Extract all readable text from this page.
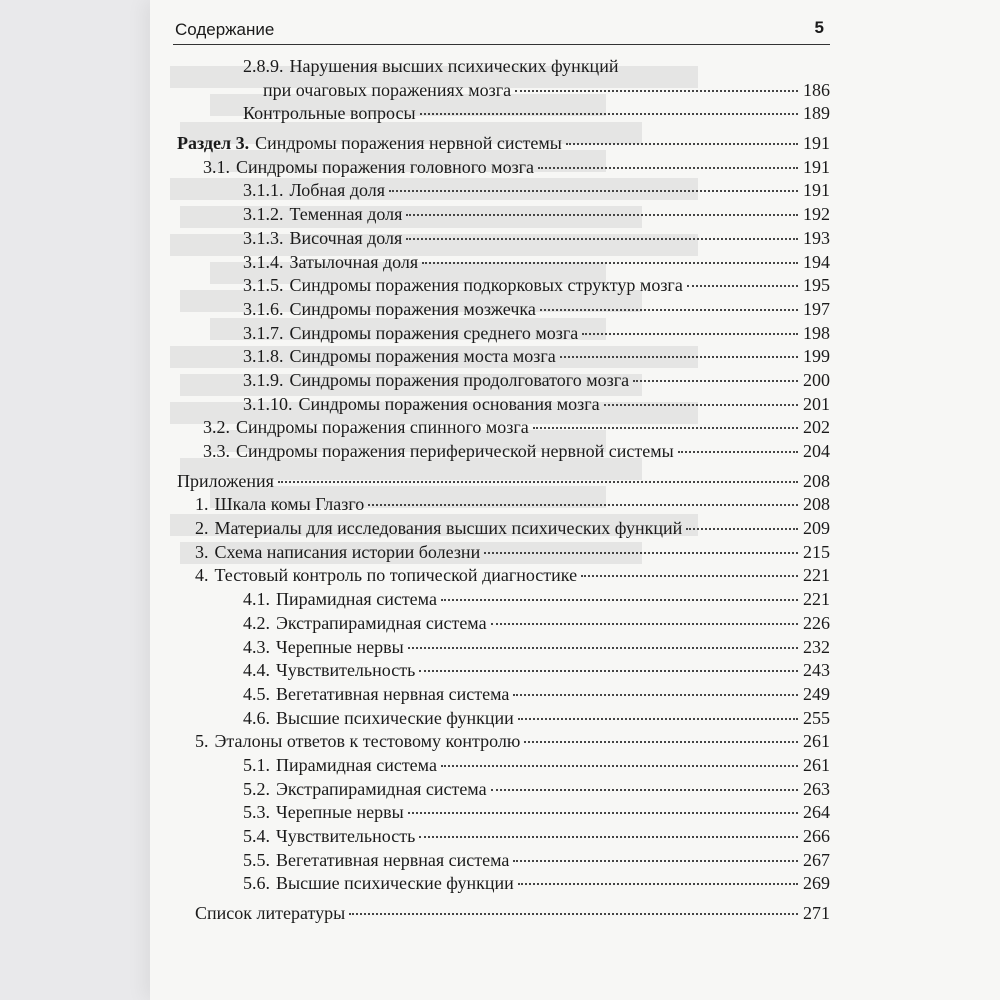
Содержание	5
2.8.9. Нарушения высших психических функций
при очаговых поражениях мозга	186
Контрольные вопросы	189
Раздел 3. Синдромы поражения нервной системы	191
3.1. Синдромы поражения головного мозга	191
3.1.1. Лобная доля	191
3.1.2. Теменная доля	192
3.1.3. Височная доля	193
3.1.4. Затылочная доля	194
3.1.5. Синдромы поражения подкорковых структур мозга	195
3.1.6. Синдромы поражения мозжечка	197
3.1.7. Синдромы поражения среднего мозга	198
3.1.8. Синдромы поражения моста мозга	199
3.1.9. Синдромы поражения продолговатого мозга	200
3.1.10. Синдромы поражения основания мозга	201
3.2. Синдромы поражения спинного мозга	202
3.3. Синдромы поражения периферической нервной системы	204
Приложения	208
1. Шкала комы Глазго	208
2. Материалы для исследования высших психических функций	209
3. Схема написания истории болезни	215
4. Тестовый контроль по топической диагностике	221
4.1. Пирамидная система	221
4.2. Экстрапирамидная система	226
4.3. Черепные нервы	232
4.4. Чувствительность	243
4.5. Вегетативная нервная система	249
4.6. Высшие психические функции	255
5. Эталоны ответов к тестовому контролю	261
5.1. Пирамидная система	261
5.2. Экстрапирамидная система	263
5.3. Черепные нервы	264
5.4. Чувствительность	266
5.5. Вегетативная нервная система	267
5.6. Высшие психические функции	269
Список литературы	271
